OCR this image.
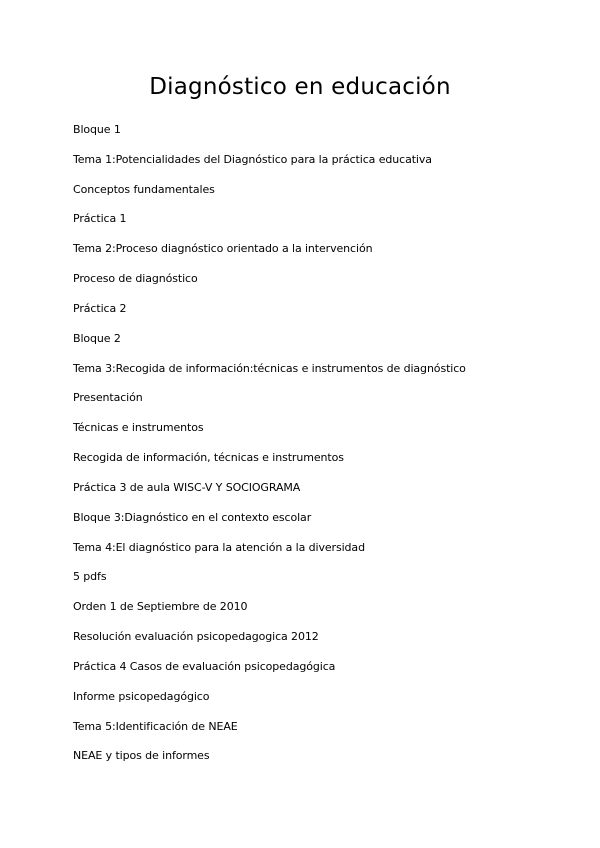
Diagnóstico en educación
Bloque 1
Tema 1:Potencialidades del Diagnóstico para la práctica educativa
Conceptos fundamentales
Práctica 1
Tema 2:Proceso diagnóstico orientado a la intervención
Proceso de diagnóstico
Práctica 2
Bloque 2
Tema 3:Recogida de información:técnicas e instrumentos de diagnóstico
Presentación
Técnicas e instrumentos
Recogida de información, técnicas e instrumentos
Práctica 3 de aula WISC-V Y SOCIOGRAMA
Bloque 3:Diagnóstico en el contexto escolar
Tema 4:El diagnóstico para la atención a la diversidad
5 pdfs
Orden 1 de Septiembre de 2010
Resolución evaluación psicopedagogica 2012
Práctica 4 Casos de evaluación psicopedagógica
Informe psicopedagógico
Tema 5:Identificación de NEAE
NEAE y tipos de informes
